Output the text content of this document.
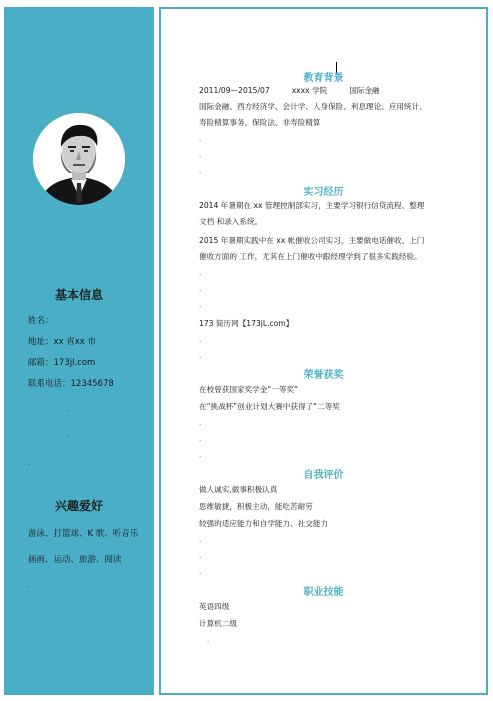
基本信息
姓名：
地址：xx 省xx 市
邮箱：173jl.com
联系电话：12345678
.
.
.
兴趣爱好
游泳、打篮球、K 歌、听音乐
画画、运动、旅游、阅读
.
教育背景
2011/09—2015/07	xxxx 学院	国际金融
国际金融、西方经济学、会计学、人身保险、利息理论、应用统计、
寿险精算事务、保险法、非寿险精算
.
.
.
实习经历
2014 年暑期在 xx 管理控制部实习，主要学习银行信贷流程、整理
文档 和录入系统。
2015 年暑期实践中在 xx 帐催收公司实习，主要做电话催收、上门
催收方面的 工作，尤其在上门催收中跟经理学到了很多实践经验。
.
.
.
173 简历网【173jL.com】
.
.
荣誉获奖
在校曾获国家奖学金“一等奖”
在“挑战杯”创业计划大赛中获得了“二等奖
.
.
.
自我评价
做人诚实,做事积极认真
思维敏捷，积极主动，能吃苦耐劳
较强的适应能力和自学能力、社交能力
.
.
.
职业技能
英语四级
计算机二级
.
